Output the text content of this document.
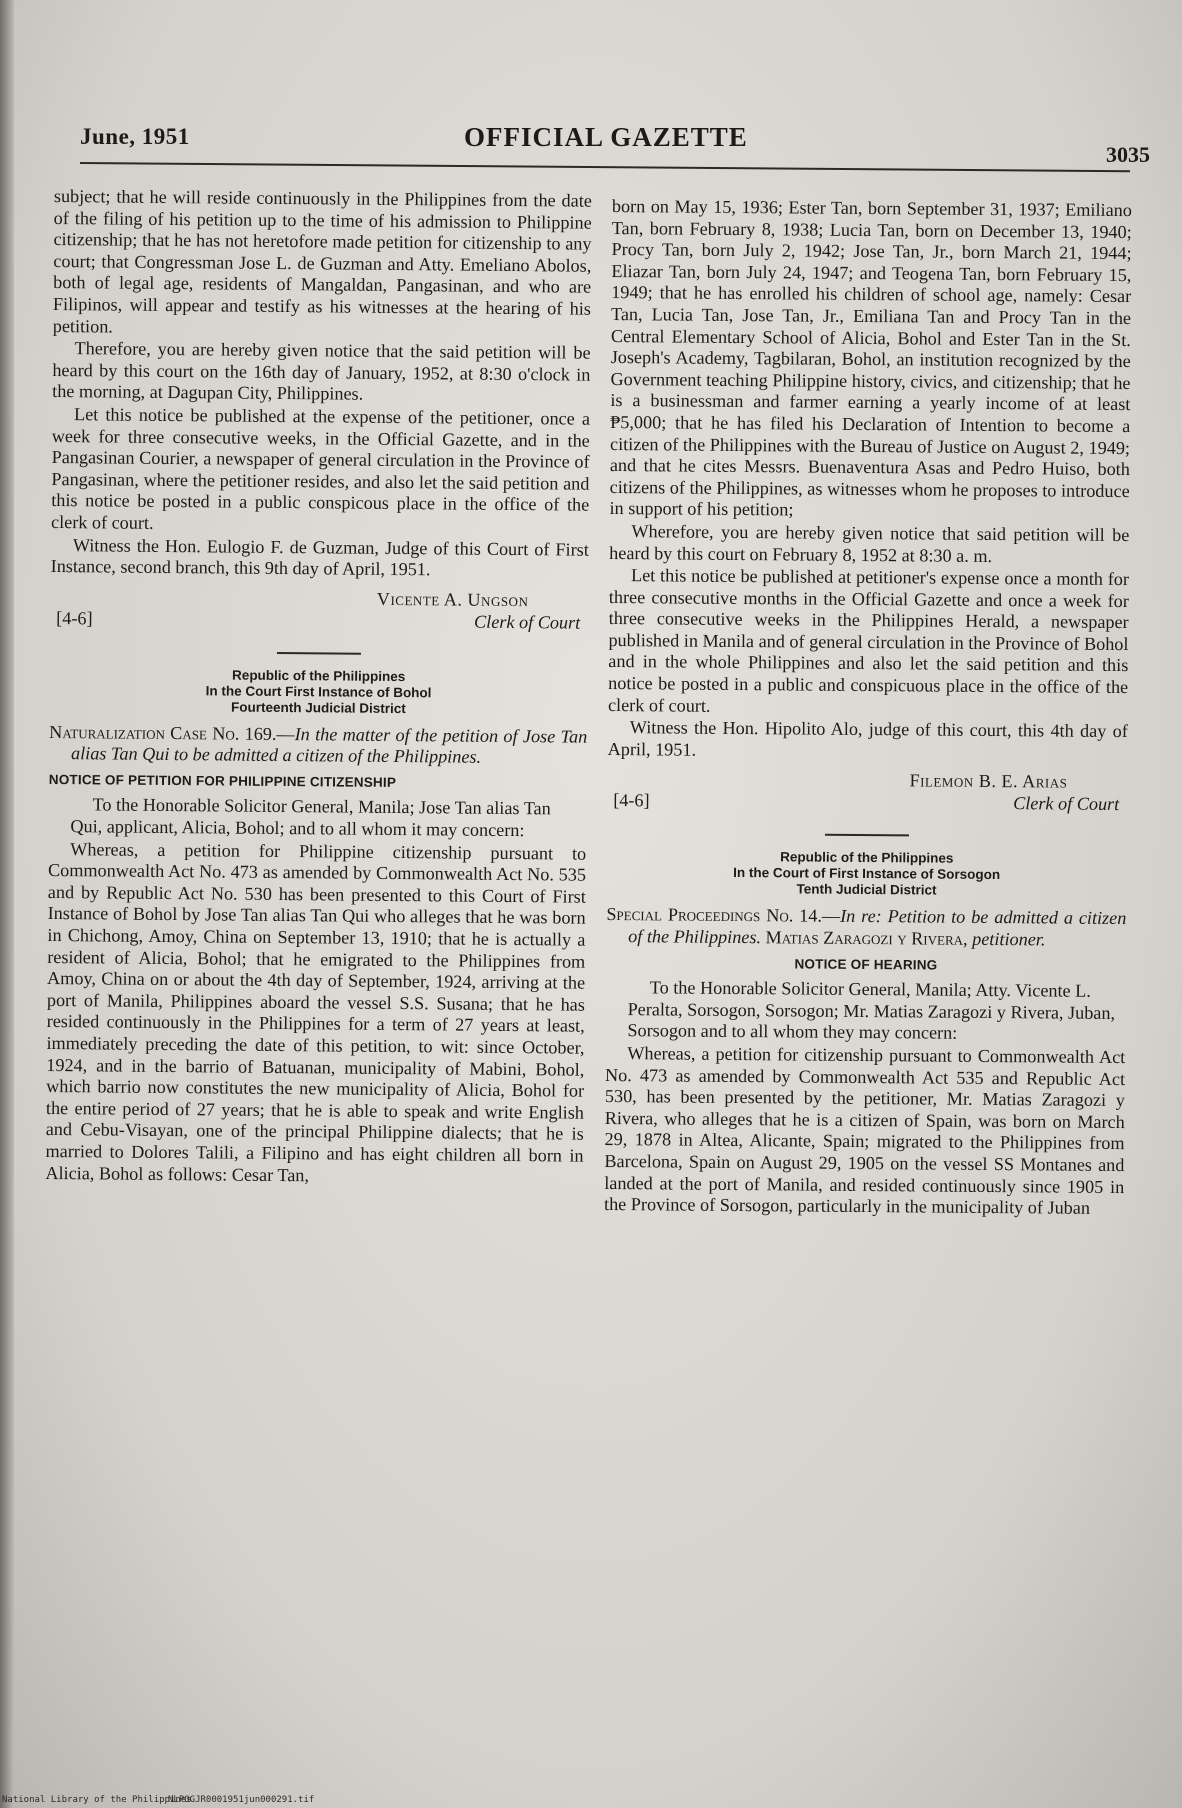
June, 1951	OFFICIAL GAZETTE
3035

subject; that he will reside continuously in the Philippines from the date of the filing of his petition up to the time of his admission to Philippine citizenship; that he has not heretofore made petition for citizenship to any court; that Congressman Jose L. de Guzman and Atty. Emeliano Abolos, both of legal age, residents of Mangaldan, Pangasinan, and who are Filipinos, will appear and testify as his witnesses at the hearing of his petition.

Therefore, you are hereby given notice that the said petition will be heard by this court on the 16th day of January, 1952, at 8:30 o'clock in the morning, at Dagupan City, Philippines.

Let this notice be published at the expense of the petitioner, once a week for three consecutive weeks, in the Official Gazette, and in the Pangasinan Courier, a newspaper of general circulation in the Province of Pangasinan, where the petitioner resides, and also let the said petition and this notice be posted in a public conspicous place in the office of the clerk of court.

Witness the Hon. Eulogio F. de Guzman, Judge of this Court of First Instance, second branch, this 9th day of April, 1951.

Vicente A. Ungson
[4-6]	Clerk of Court
Republic of the Philippines
In the Court First Instance of Bohol
Fourteenth Judicial District

Naturalization Case No. 169.—In the matter of the petition of Jose Tan alias Tan Qui to be admitted a citizen of the Philippines.

NOTICE OF PETITION FOR PHILIPPINE CITIZENSHIP

To the Honorable Solicitor General, Manila; Jose Tan alias Tan Qui, applicant, Alicia, Bohol; and to all whom it may concern:

Whereas, a petition for Philippine citizenship pursuant to Commonwealth Act No. 473 as amended by Commonwealth Act No. 535 and by Republic Act No. 530 has been presented to this Court of First Instance of Bohol by Jose Tan alias Tan Qui who alleges that he was born in Chichong, Amoy, China on September 13, 1910; that he is actually a resident of Alicia, Bohol; that he emigrated to the Philippines from Amoy, China on or about the 4th day of September, 1924, arriving at the port of Manila, Philippines aboard the vessel S.S. Susana; that he has resided continuously in the Philippines for a term of 27 years at least, immediately preceding the date of this petition, to wit: since October, 1924, and in the barrio of Batuanan, municipality of Mabini, Bohol, which barrio now constitutes the new municipality of Alicia, Bohol for the entire period of 27 years; that he is able to speak and write English and Cebu-Visayan, one of the principal Philippine dialects; that he is married to Dolores Talili, a Filipino and has eight children all born in Alicia, Bohol as follows: Cesar Tan,

born on May 15, 1936; Ester Tan, born September 31, 1937; Emiliano Tan, born February 8, 1938; Lucia Tan, born on December 13, 1940; Procy Tan, born July 2, 1942; Jose Tan, Jr., born March 21, 1944; Eliazar Tan, born July 24, 1947; and Teogena Tan, born February 15, 1949; that he has enrolled his children of school age, namely: Cesar Tan, Lucia Tan, Jose Tan, Jr., Emiliana Tan and Procy Tan in the Central Elementary School of Alicia, Bohol and Ester Tan in the St. Joseph's Academy, Tagbilaran, Bohol, an institution recognized by the Government teaching Philippine history, civics, and citizenship; that he is a businessman and farmer earning a yearly income of at least ₱5,000; that he has filed his Declaration of Intention to become a citizen of the Philippines with the Bureau of Justice on August 2, 1949; and that he cites Messrs. Buenaventura Asas and Pedro Huiso, both citizens of the Philippines, as witnesses whom he proposes to introduce in support of his petition;

Wherefore, you are hereby given notice that said petition will be heard by this court on February 8, 1952 at 8:30 a. m.

Let this notice be published at petitioner's expense once a month for three consecutive months in the Official Gazette and once a week for three consecutive weeks in the Philippines Herald, a newspaper published in Manila and of general circulation in the Province of Bohol and in the whole Philippines and also let the said petition and this notice be posted in a public and conspicuous place in the office of the clerk of court.

Witness the Hon. Hipolito Alo, judge of this court, this 4th day of April, 1951.

Filemon B. E. Arias
[4-6]	Clerk of Court
Republic of the Philippines
In the Court of First Instance of Sorsogon
Tenth Judicial District

Special Proceedings No. 14.—In re: Petition to be admitted a citizen of the Philippines. Matias Zaragozi y Rivera, petitioner.

NOTICE OF HEARING

To the Honorable Solicitor General, Manila; Atty. Vicente L. Peralta, Sorsogon, Sorsogon; Mr. Matias Zaragozi y Rivera, Juban, Sorsogon and to all whom they may concern:

Whereas, a petition for citizenship pursuant to Commonwealth Act No. 473 as amended by Commonwealth Act 535 and Republic Act 530, has been presented by the petitioner, Mr. Matias Zaragozi y Rivera, who alleges that he is a citizen of Spain, was born on March 29, 1878 in Altea, Alicante, Spain; migrated to the Philippines from Barcelona, Spain on August 29, 1905 on the vessel SS Montanes and landed at the port of Manila, and resided continuously since 1905 in the Province of Sorsogon, particularly in the municipality of Juban

National Library of the Philippines
NLPOGJR0001951jun000291.tif
